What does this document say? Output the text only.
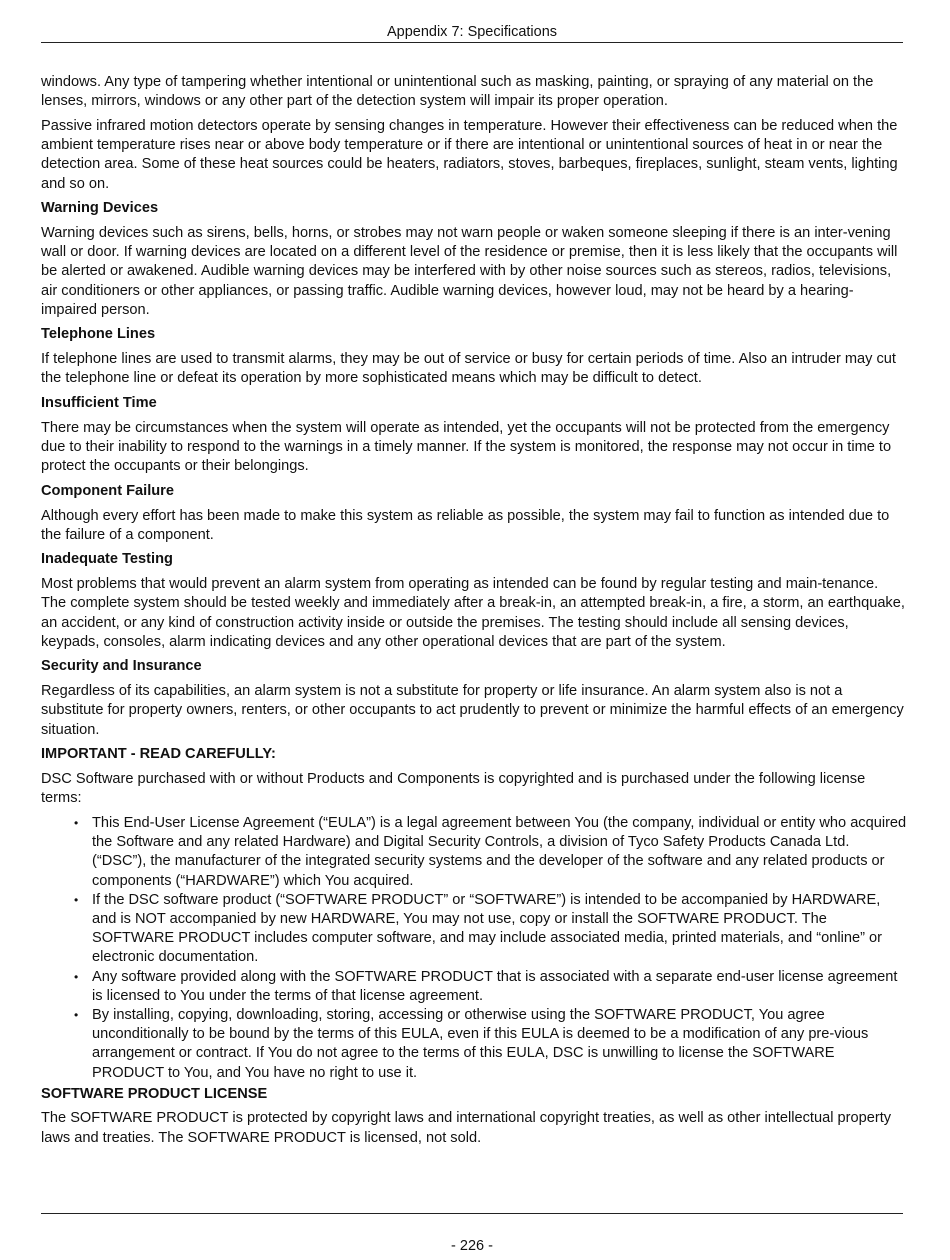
Appendix 7: Specifications

windows. Any type of tampering whether intentional or unintentional such as masking, painting, or spraying of any material on the lenses, mirrors, windows or any other part of the detection system will impair its proper operation.

Passive infrared motion detectors operate by sensing changes in temperature. However their effectiveness can be reduced when the ambient temperature rises near or above body temperature or if there are intentional or unintentional sources of heat in or near the detection area. Some of these heat sources could be heaters, radiators, stoves, barbeques, fireplaces, sunlight, steam vents, lighting and so on.

Warning Devices

Warning devices such as sirens, bells, horns, or strobes may not warn people or waken someone sleeping if there is an inter-vening wall or door. If warning devices are located on a different level of the residence or premise, then it is less likely that the occupants will be alerted or awakened. Audible warning devices may be interfered with by other noise sources such as stereos, radios, televisions, air conditioners or other appliances, or passing traffic. Audible warning devices, however loud, may not be heard by a hearing-impaired person.

Telephone Lines

If telephone lines are used to transmit alarms, they may be out of service or busy for certain periods of time. Also an intruder may cut the telephone line or defeat its operation by more sophisticated means which may be difficult to detect.

Insufficient Time

There may be circumstances when the system will operate as intended, yet the occupants will not be protected from the emergency due to their inability to respond to the warnings in a timely manner. If the system is monitored, the response may not occur in time to protect the occupants or their belongings.

Component Failure

Although every effort has been made to make this system as reliable as possible, the system may fail to function as intended due to the failure of a component.

Inadequate Testing

Most problems that would prevent an alarm system from operating as intended can be found by regular testing and main-tenance. The complete system should be tested weekly and immediately after a break-in, an attempted break-in, a fire, a storm, an earthquake, an accident, or any kind of construction activity inside or outside the premises. The testing should include all sensing devices, keypads, consoles, alarm indicating devices and any other operational devices that are part of the system.

Security and Insurance

Regardless of its capabilities, an alarm system is not a substitute for property or life insurance. An alarm system also is not a substitute for property owners, renters, or other occupants to act prudently to prevent or minimize the harmful effects of an emergency situation.

IMPORTANT - READ CAREFULLY:

DSC Software purchased with or without Products and Components is copyrighted and is purchased under the following license terms:

• This End-User License Agreement (“EULA”) is a legal agreement between You (the company, individual or entity who acquired the Software and any related Hardware) and Digital Security Controls, a division of Tyco Safety Products Canada Ltd. (“DSC”), the manufacturer of the integrated security systems and the developer of the software and any related products or components (“HARDWARE”) which You acquired.
• If the DSC software product (“SOFTWARE PRODUCT” or “SOFTWARE”) is intended to be accompanied by HARDWARE, and is NOT accompanied by new HARDWARE, You may not use, copy or install the SOFTWARE PRODUCT. The SOFTWARE PRODUCT includes computer software, and may include associated media, printed materials, and “online” or electronic documentation.
• Any software provided along with the SOFTWARE PRODUCT that is associated with a separate end-user license agreement is licensed to You under the terms of that license agreement.
• By installing, copying, downloading, storing, accessing or otherwise using the SOFTWARE PRODUCT, You agree unconditionally to be bound by the terms of this EULA, even if this EULA is deemed to be a modification of any pre-vious arrangement or contract. If You do not agree to the terms of this EULA, DSC is unwilling to license the SOFTWARE PRODUCT to You, and You have no right to use it.
SOFTWARE PRODUCT LICENSE

The SOFTWARE PRODUCT is protected by copyright laws and international copyright treaties, as well as other intellectual property laws and treaties. The SOFTWARE PRODUCT is licensed, not sold.

- 226 -
